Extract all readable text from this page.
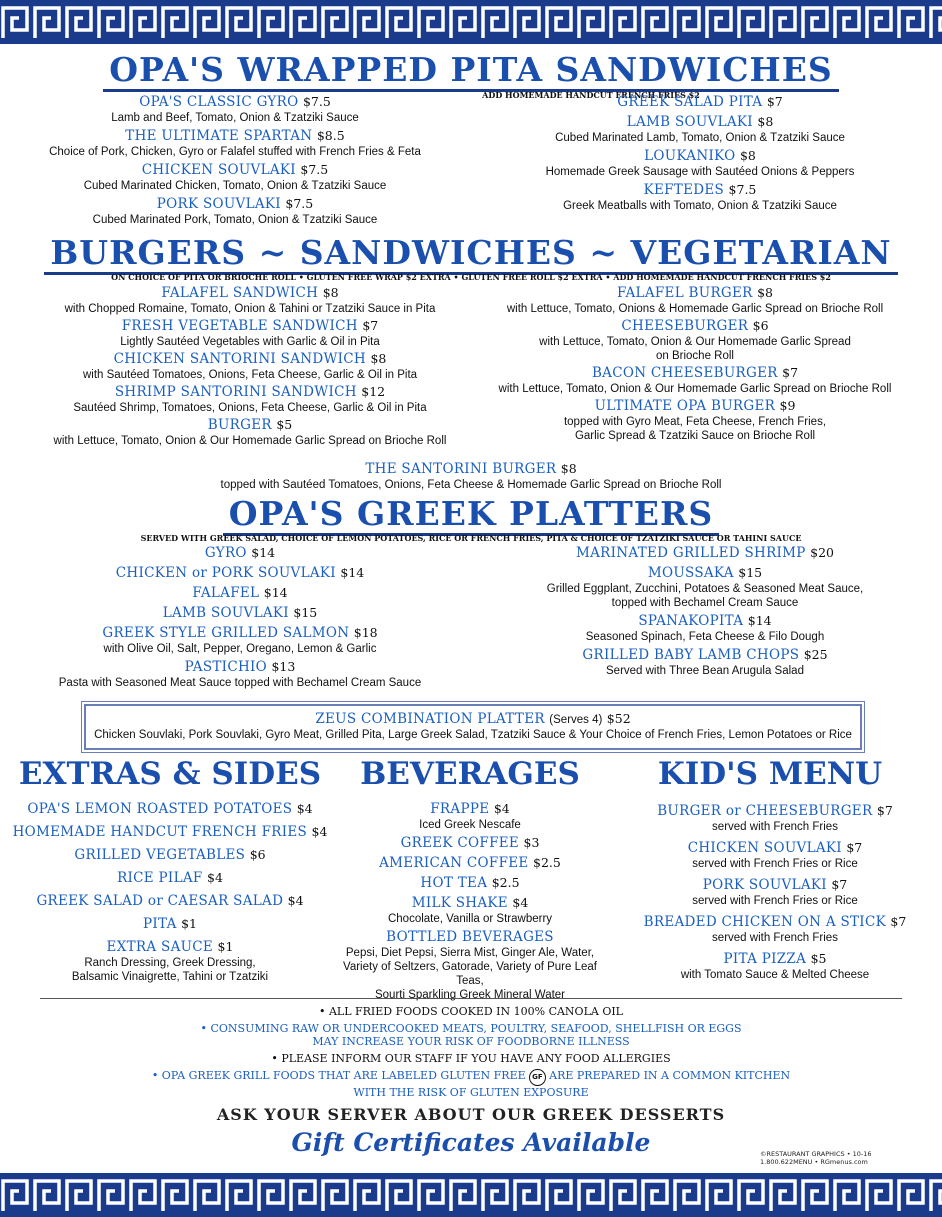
OPA'S WRAPPED PITA SANDWICHES
ADD HOMEMADE HANDCUT FRENCH FRIES $2
OPA'S CLASSIC GYRO $7.5
Lamb and Beef, Tomato, Onion & Tzatziki Sauce
THE ULTIMATE SPARTAN $8.5
Choice of Pork, Chicken, Gyro or Falafel stuffed with French Fries & Feta
CHICKEN SOUVLAKI $7.5
Cubed Marinated Chicken, Tomato, Onion & Tzatziki Sauce
PORK SOUVLAKI $7.5
Cubed Marinated Pork, Tomato, Onion & Tzatziki Sauce
GREEK SALAD PITA $7
LAMB SOUVLAKI $8
Cubed Marinated Lamb, Tomato, Onion & Tzatziki Sauce
LOUKANIKO $8
Homemade Greek Sausage with Sautéed Onions & Peppers
KEFTEDES $7.5
Greek Meatballs with Tomato, Onion & Tzatziki Sauce
BURGERS ~ SANDWICHES ~ VEGETARIAN
ON CHOICE OF PITA OR BRIOCHE ROLL • GLUTEN FREE WRAP $2 EXTRA • GLUTEN FREE ROLL $2 EXTRA • ADD HOMEMADE HANDCUT FRENCH FRIES $2
FALAFEL SANDWICH $8
with Chopped Romaine, Tomato, Onion & Tahini or Tzatziki Sauce in Pita
FRESH VEGETABLE SANDWICH $7
Lightly Sautéed Vegetables with Garlic & Oil in Pita
CHICKEN SANTORINI SANDWICH $8
with Sautéed Tomatoes, Onions, Feta Cheese, Garlic & Oil in Pita
SHRIMP SANTORINI SANDWICH $12
Sautéed Shrimp, Tomatoes, Onions, Feta Cheese, Garlic & Oil in Pita
BURGER $5
with Lettuce, Tomato, Onion & Our Homemade Garlic Spread on Brioche Roll
FALAFEL BURGER $8
with Lettuce, Tomato, Onions & Homemade Garlic Spread on Brioche Roll
CHEESEBURGER $6
with Lettuce, Tomato, Onion & Our Homemade Garlic Spread
on Brioche Roll
BACON CHEESEBURGER $7
with Lettuce, Tomato, Onion & Our Homemade Garlic Spread on Brioche Roll
ULTIMATE OPA BURGER $9
topped with Gyro Meat, Feta Cheese, French Fries,
Garlic Spread & Tzatziki Sauce on Brioche Roll
THE SANTORINI BURGER $8
topped with Sautéed Tomatoes, Onions, Feta Cheese & Homemade Garlic Spread on Brioche Roll
OPA'S GREEK PLATTERS
SERVED WITH GREEK SALAD, CHOICE OF LEMON POTATOES, RICE OR FRENCH FRIES, PITA & CHOICE OF TZATZIKI SAUCE OR TAHINI SAUCE
GYRO $14
CHICKEN or PORK SOUVLAKI $14
FALAFEL $14
LAMB SOUVLAKI $15
GREEK STYLE GRILLED SALMON $18
with Olive Oil, Salt, Pepper, Oregano, Lemon & Garlic
PASTICHIO $13
Pasta with Seasoned Meat Sauce topped with Bechamel Cream Sauce
MARINATED GRILLED SHRIMP $20
MOUSSAKA $15
Grilled Eggplant, Zucchini, Potatoes & Seasoned Meat Sauce,
topped with Bechamel Cream Sauce
SPANAKOPITA $14
Seasoned Spinach, Feta Cheese & Filo Dough
GRILLED BABY LAMB CHOPS $25
Served with Three Bean Arugula Salad
ZEUS COMBINATION PLATTER (Serves 4) $52
Chicken Souvlaki, Pork Souvlaki, Gyro Meat, Grilled Pita, Large Greek Salad, Tzatziki Sauce & Your Choice of French Fries, Lemon Potatoes or Rice
EXTRAS & SIDES	BEVERAGES	KID'S MENU
OPA'S LEMON ROASTED POTATOES $4
HOMEMADE HANDCUT FRENCH FRIES $4
GRILLED VEGETABLES $6
RICE PILAF $4
GREEK SALAD or CAESAR SALAD $4
PITA $1
EXTRA SAUCE $1
Ranch Dressing, Greek Dressing,
Balsamic Vinaigrette, Tahini or Tzatziki
FRAPPE $4
Iced Greek Nescafe
GREEK COFFEE $3
AMERICAN COFFEE $2.5
HOT TEA $2.5
MILK SHAKE $4
Chocolate, Vanilla or Strawberry
BOTTLED BEVERAGES
Pepsi, Diet Pepsi, Sierra Mist, Ginger Ale, Water,
Variety of Seltzers, Gatorade, Variety of Pure Leaf Teas,
Sourti Sparkling Greek Mineral Water
BURGER or CHEESEBURGER $7
served with French Fries
CHICKEN SOUVLAKI $7
served with French Fries or Rice
PORK SOUVLAKI $7
served with French Fries or Rice
BREADED CHICKEN ON A STICK $7
served with French Fries
PITA PIZZA $5
with Tomato Sauce & Melted Cheese
• ALL FRIED FOODS COOKED IN 100% CANOLA OIL
• CONSUMING RAW OR UNDERCOOKED MEATS, POULTRY, SEAFOOD, SHELLFISH OR EGGS
MAY INCREASE YOUR RISK OF FOODBORNE ILLNESS
• PLEASE INFORM OUR STAFF IF YOU HAVE ANY FOOD ALLERGIES
• OPA GREEK GRILL FOODS THAT ARE LABELED GLUTEN FREE GF ARE PREPARED IN A COMMON KITCHEN
WITH THE RISK OF GLUTEN EXPOSURE
ASK YOUR SERVER ABOUT OUR GREEK DESSERTS
Gift Certificates Available	©RESTAURANT GRAPHICS • 10-16
1.800.622MENU • RGmenus.com
